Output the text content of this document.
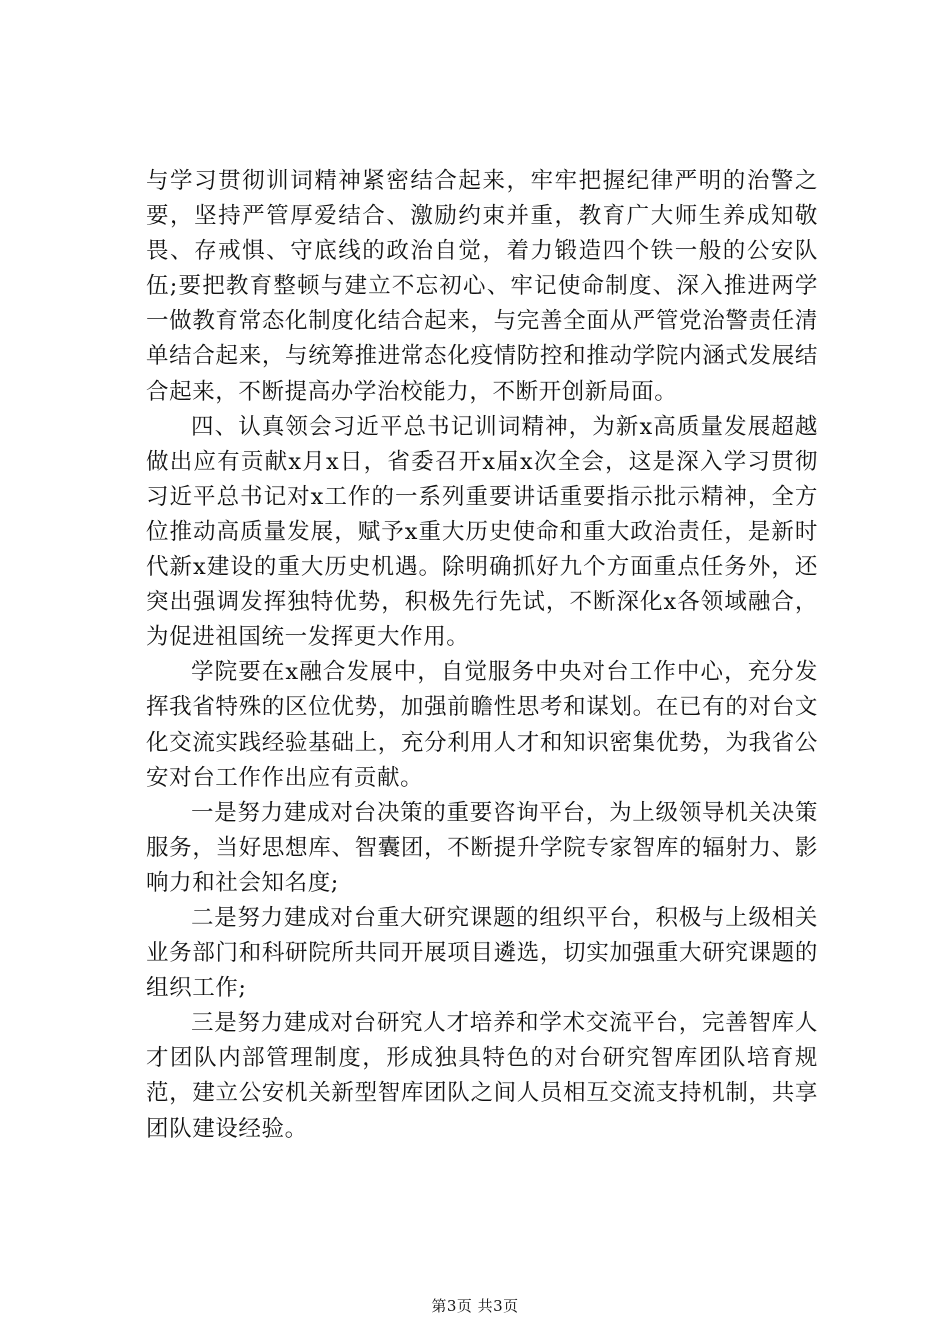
与学习贯彻训词精神紧密结合起来，牢牢把握纪律严明的治警之要，坚持严管厚爱结合、激励约束并重，教育广大师生养成知敬畏、存戒惧、守底线的政治自觉，着力锻造四个铁一般的公安队伍;要把教育整顿与建立不忘初心、牢记使命制度、深入推进两学一做教育常态化制度化结合起来，与完善全面从严管党治警责任清单结合起来，与统筹推进常态化疫情防控和推动学院内涵式发展结合起来，不断提高办学治校能力，不断开创新局面。

四、认真领会习近平总书记训词精神，为新x高质量发展超越做出应有贡献x月x日，省委召开x届x次全会，这是深入学习贯彻习近平总书记对x工作的一系列重要讲话重要指示批示精神，全方位推动高质量发展，赋予x重大历史使命和重大政治责任，是新时代新x建设的重大历史机遇。除明确抓好九个方面重点任务外，还突出强调发挥独特优势，积极先行先试，不断深化x各领域融合，为促进祖国统一发挥更大作用。

学院要在x融合发展中，自觉服务中央对台工作中心，充分发挥我省特殊的区位优势，加强前瞻性思考和谋划。在已有的对台文化交流实践经验基础上，充分利用人才和知识密集优势，为我省公安对台工作作出应有贡献。

一是努力建成对台决策的重要咨询平台，为上级领导机关决策服务，当好思想库、智囊团，不断提升学院专家智库的辐射力、影响力和社会知名度;

二是努力建成对台重大研究课题的组织平台，积极与上级相关业务部门和科研院所共同开展项目遴选，切实加强重大研究课题的组织工作;

三是努力建成对台研究人才培养和学术交流平台，完善智库人才团队内部管理制度，形成独具特色的对台研究智库团队培育规范，建立公安机关新型智库团队之间人员相互交流支持机制，共享团队建设经验。

第3页 共3页
